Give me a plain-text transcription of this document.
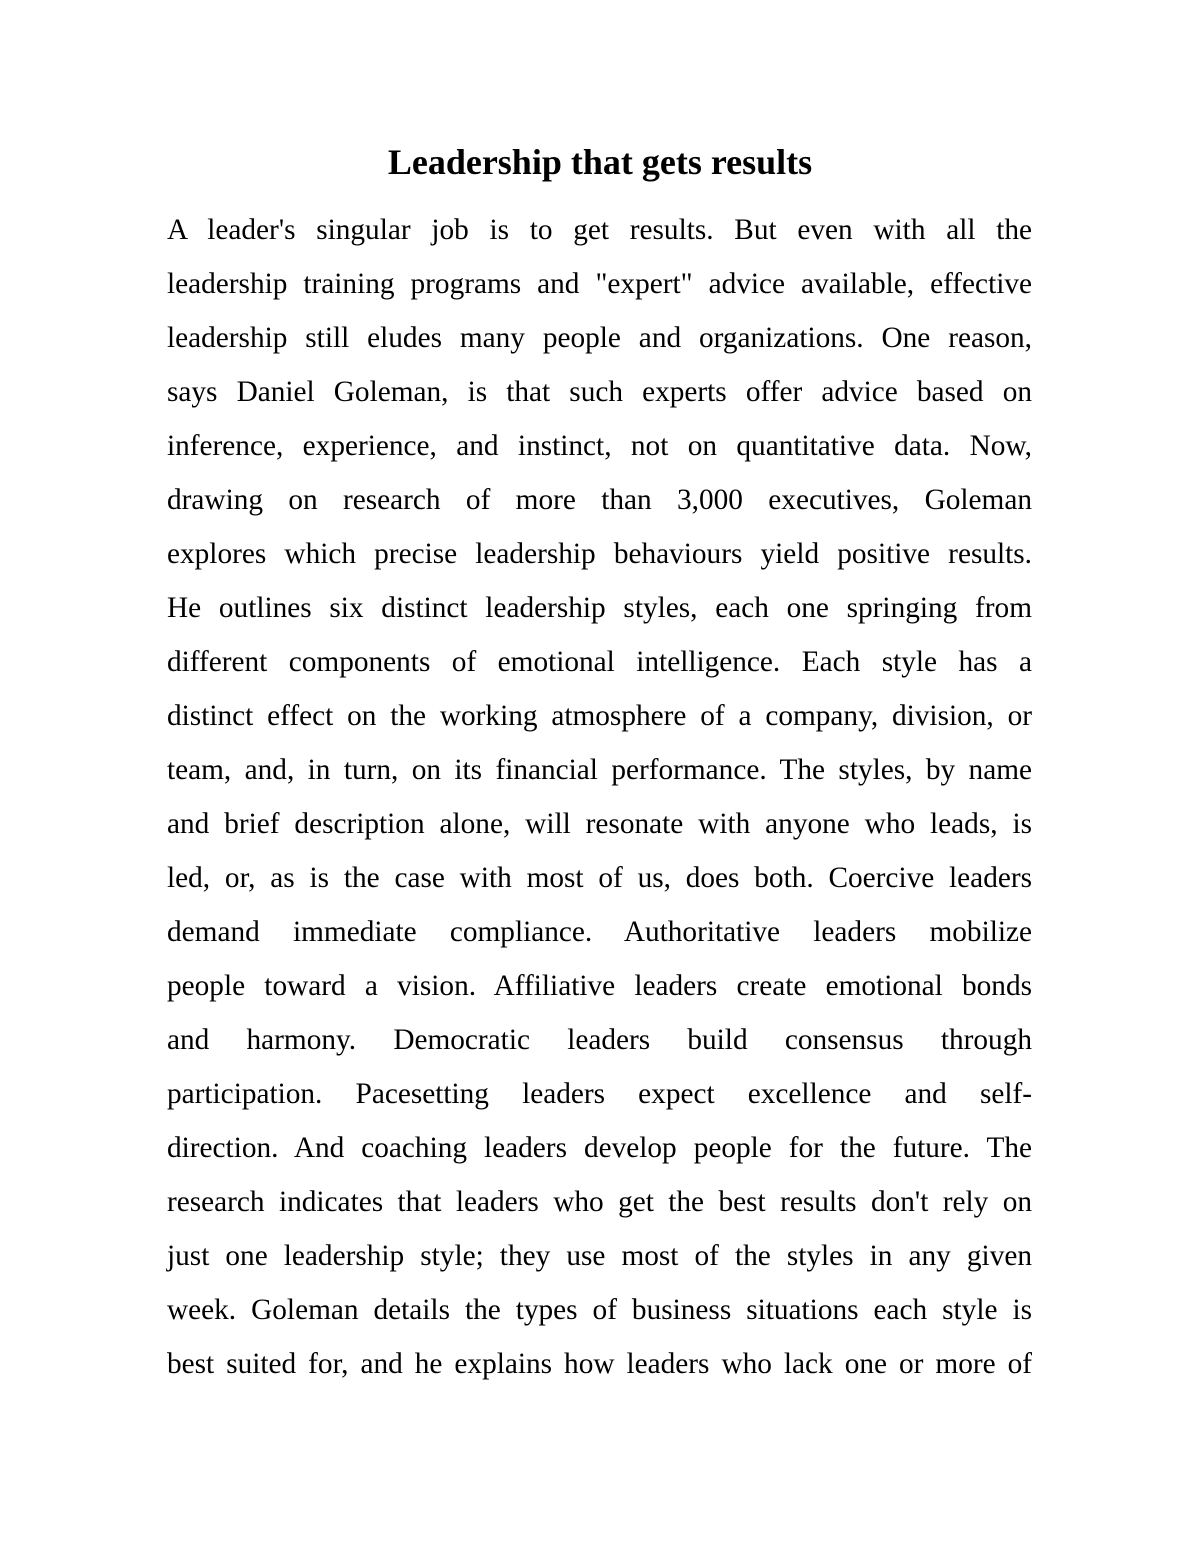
Leadership that gets results
A leader's singular job is to get results. But even with all the
leadership training programs and "expert" advice available, effective
leadership still eludes many people and organizations. One reason,
says Daniel Goleman, is that such experts offer advice based on
inference, experience, and instinct, not on quantitative data. Now,
drawing on research of more than 3,000 executives, Goleman
explores which precise leadership behaviours yield positive results.
He outlines six distinct leadership styles, each one springing from
different components of emotional intelligence. Each style has a
distinct effect on the working atmosphere of a company, division, or
team, and, in turn, on its financial performance. The styles, by name
and brief description alone, will resonate with anyone who leads, is
led, or, as is the case with most of us, does both. Coercive leaders
demand immediate compliance. Authoritative leaders mobilize
people toward a vision. Affiliative leaders create emotional bonds
and harmony. Democratic leaders build consensus through
participation. Pacesetting leaders expect excellence and self-
direction. And coaching leaders develop people for the future. The
research indicates that leaders who get the best results don't rely on
just one leadership style; they use most of the styles in any given
week. Goleman details the types of business situations each style is
best suited for, and he explains how leaders who lack one or more of
